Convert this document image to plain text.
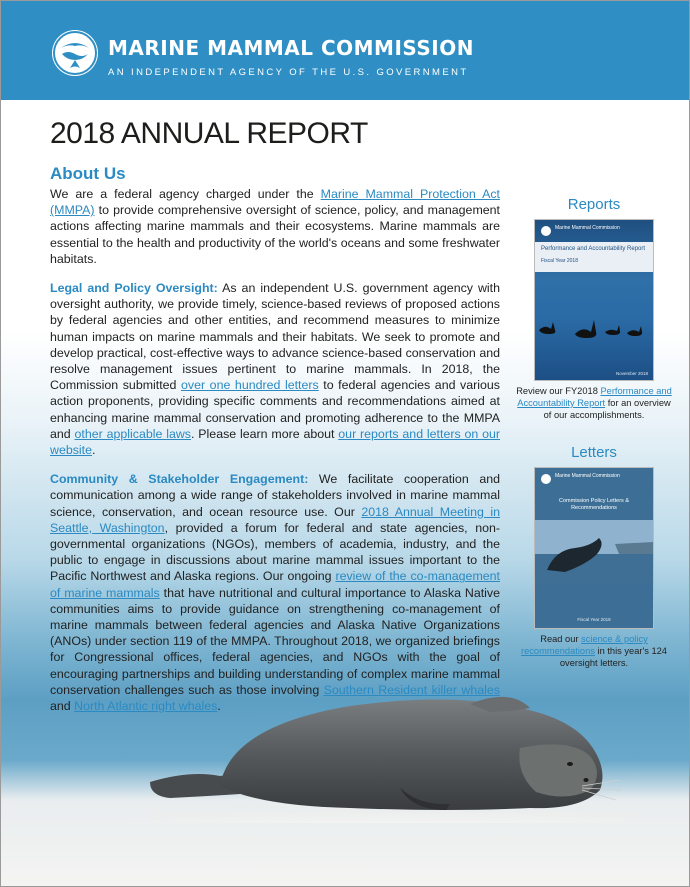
MARINE MAMMAL COMMISSION
AN INDEPENDENT AGENCY OF THE U.S. GOVERNMENT
2018 ANNUAL REPORT
About Us

We are a federal agency charged under the Marine Mammal Protection Act (MMPA) to provide comprehensive oversight of science, policy, and management actions affecting marine mammals and their ecosystems. Marine mammals are essential to the health and productivity of the world's oceans and some freshwater habitats.

Legal and Policy Oversight: As an independent U.S. government agency with oversight authority, we provide timely, science-based reviews of proposed actions by federal agencies and other entities, and recommend measures to minimize human impacts on marine mammals and their habitats. We seek to promote and develop practical, cost-effective ways to advance science-based conservation and resolve management issues pertinent to marine mammals. In 2018, the Commission submitted over one hundred letters to federal agencies and various action proponents, providing specific comments and recommendations aimed at enhancing marine mammal conservation and promoting adherence to the MMPA and other applicable laws. Please learn more about our reports and letters on our website.

Community & Stakeholder Engagement: We facilitate cooperation and communication among a wide range of stakeholders involved in marine mammal science, conservation, and ocean resource use. Our 2018 Annual Meeting in Seattle, Washington, provided a forum for federal and state agencies, non-governmental organizations (NGOs), members of academia, industry, and the public to engage in discussions about marine mammal issues important to the Pacific Northwest and Alaska regions. Our ongoing review of the co-management of marine mammals that have nutritional and cultural importance to Alaska Native communities aims to provide guidance on strengthening co-management of marine mammals between federal agencies and Alaska Native Organizations (ANOs) under section 119 of the MMPA. Throughout 2018, we organized briefings for Congressional offices, federal agencies, and NGOs with the goal of encouraging partnerships and building understanding of complex marine mammal conservation challenges such as those involving Southern Resident killer whales and North Atlantic right whales.

Reports
Marine Mammal Commission
Performance and Accountability Report
Fiscal Year 2018
November 2018
Review our FY2018 Performance and Accountability Report for an overview of our accomplishments.
Letters
Marine Mammal Commission
Commission Policy Letters & Recommendations
Fiscal Year 2018
Read our science & policy recommendations in this year's 124 oversight letters.
